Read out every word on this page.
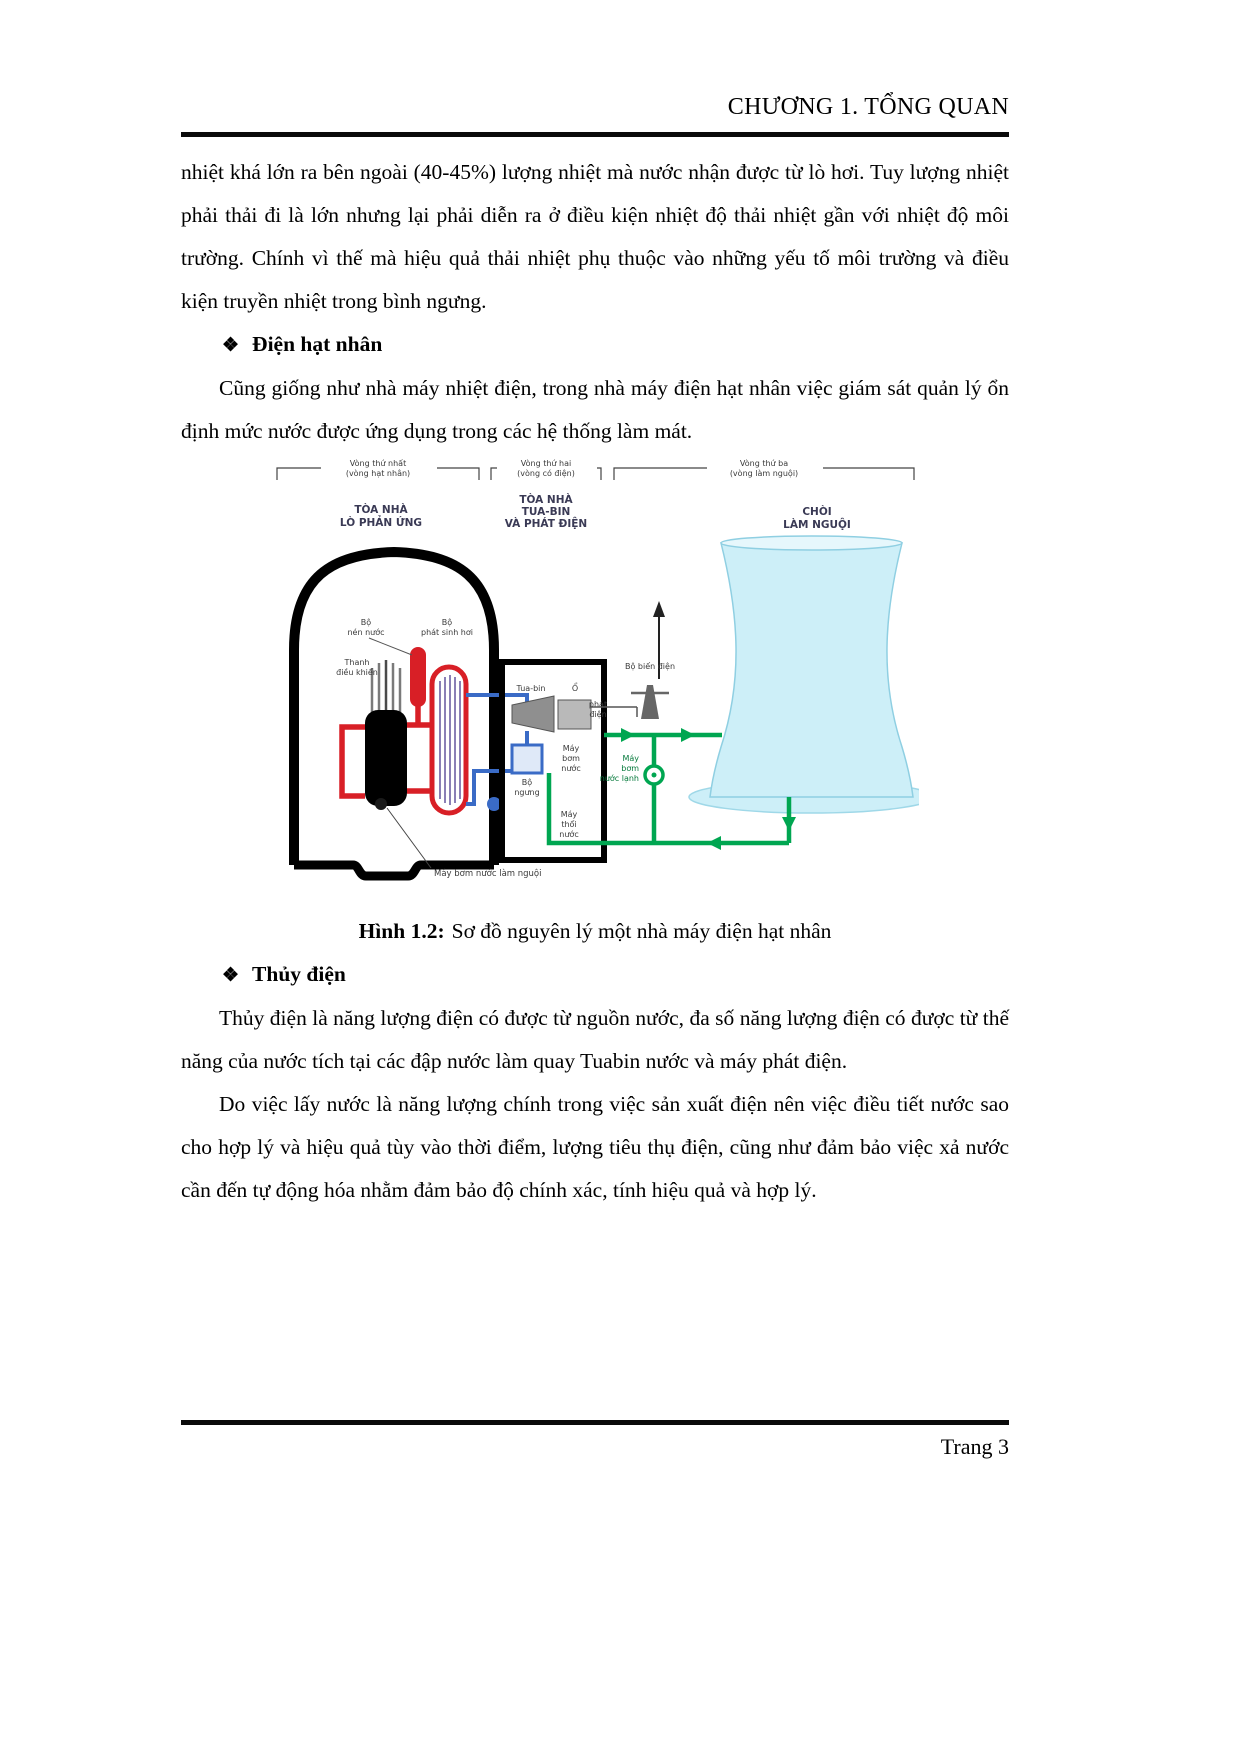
CHƯƠNG 1. TỔNG QUAN

nhiệt khá lớn ra bên ngoài (40-45%) lượng nhiệt mà nước nhận được từ lò hơi. Tuy lượng nhiệt phải thải đi là lớn nhưng lại phải diễn ra ở điều kiện nhiệt độ thải nhiệt gần với nhiệt độ môi trường. Chính vì thế mà hiệu quả thải nhiệt phụ thuộc vào những yếu tố môi trường và điều kiện truyền nhiệt trong bình ngưng.

❖ Điện hạt nhân

Cũng giống như nhà máy nhiệt điện, trong nhà máy điện hạt nhân việc giám sát quản lý ổn định mức nước được ứng dụng trong các hệ thống làm mát.

Vòng thứ nhất
(vòng hạt nhân)
Vòng thứ hai
(vòng có điện)
Vòng thứ ba
(vòng làm nguội)
TÒA NHÀ
LÒ PHẢN ỨNG
TÒA NHÀ
TUA-BIN
VÀ PHÁT ĐIỆN
CHÒI
LÀM NGUỘI
Bộ
nén nước
Bộ
phát sinh hơi
Thanh
điều khiển
Tua-bin	Ổ
phát
điện
Bộ
ngưng
Máy
bơm
nước
Máy
thổi
nước
Bộ biến điện
Máy
bơm
nước lạnh
Máy bơm nước làm nguội

Hình 1.2: Sơ đồ nguyên lý một nhà máy điện hạt nhân

❖ Thủy điện

Thủy điện là năng lượng điện có được từ nguồn nước, đa số năng lượng điện có được từ thế năng của nước tích tại các đập nước làm quay Tuabin nước và máy phát điện.

Do việc lấy nước là năng lượng chính trong việc sản xuất điện nên việc điều tiết nước sao cho hợp lý và hiệu quả tùy vào thời điểm, lượng tiêu thụ điện, cũng như đảm bảo việc xả nước cần đến tự động hóa nhằm đảm bảo độ chính xác, tính hiệu quả và hợp lý.

Trang 3
